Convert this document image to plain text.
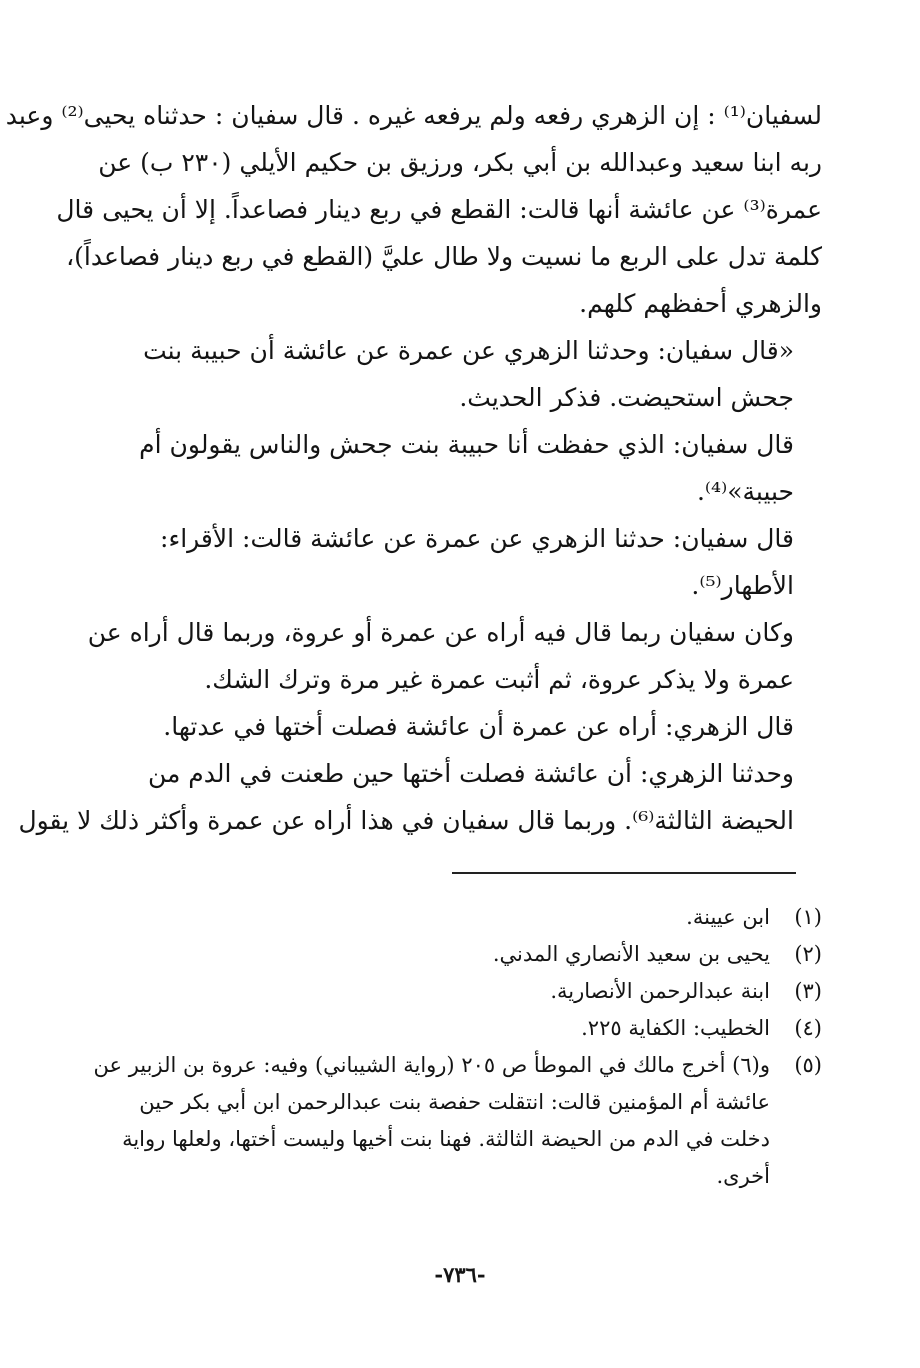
لسفيان⁽¹⁾ : إن الزهري رفعه ولم يرفعه غيره . قال سفيان : حدثناه يحيى⁽²⁾ وعبد
ربه ابنا سعيد وعبدالله بن أبي بكر، ورزيق بن حكيم الأيلي (٢٣٠ ب) عن
عمرة⁽³⁾ عن عائشة أنها قالت: القطع في ربع دينار فصاعداً. إلا أن يحيى قال
كلمة تدل على الربع ما نسيت ولا طال عليَّ (القطع في ربع دينار فصاعداً)،
والزهري أحفظهم كلهم.

«قال سفيان: وحدثنا الزهري عن عمرة عن عائشة أن حبيبة بنت
جحش استحيضت. فذكر الحديث.

قال سفيان: الذي حفظت أنا حبيبة بنت جحش والناس يقولون أم
حبيبة»⁽⁴⁾.

قال سفيان: حدثنا الزهري عن عمرة عن عائشة قالت: الأقراء:
الأطهار⁽⁵⁾.

وكان سفيان ربما قال فيه أراه عن عمرة أو عروة، وربما قال أراه عن
عمرة ولا يذكر عروة، ثم أثبت عمرة غير مرة وترك الشك.

قال الزهري: أراه عن عمرة أن عائشة فصلت أختها في عدتها.

وحدثنا الزهري: أن عائشة فصلت أختها حين طعنت في الدم من
الحيضة الثالثة⁽⁶⁾. وربما قال سفيان في هذا أراه عن عمرة وأكثر ذلك لا يقول

(١)
ابن عيينة.
(٢)
يحيى بن سعيد الأنصاري المدني.
(٣)
ابنة عبدالرحمن الأنصارية.
(٤)
الخطيب: الكفاية ٢٢٥.
(٥)
و(٦) أخرج مالك في الموطأ ص ٢٠٥ (رواية الشيباني) وفيه: عروة بن الزبير عن
عائشة أم المؤمنين قالت: انتقلت حفصة بنت عبدالرحمن ابن أبي بكر حين
دخلت في الدم من الحيضة الثالثة. فهنا بنت أخيها وليست أختها، ولعلها رواية
أخرى.
-٧٣٦-
